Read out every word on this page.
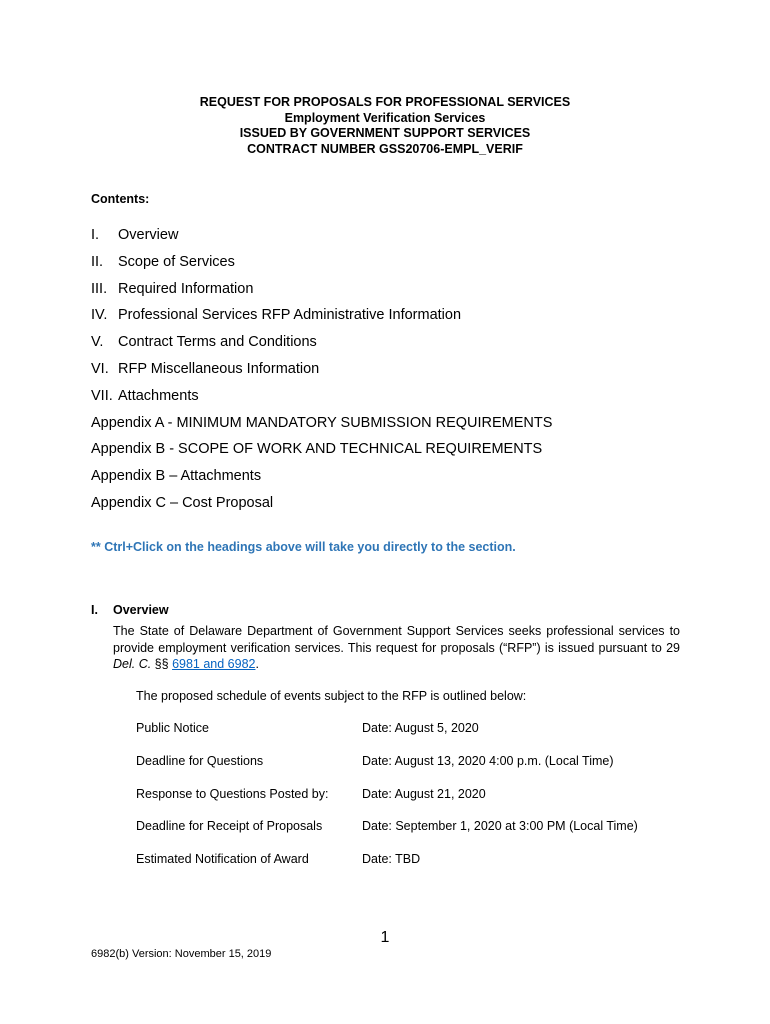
REQUEST FOR PROPOSALS FOR PROFESSIONAL SERVICES
Employment Verification Services
ISSUED BY GOVERNMENT SUPPORT SERVICES
CONTRACT NUMBER GSS20706-EMPL_VERIF
Contents:
I. Overview
II. Scope of Services
III. Required Information
IV. Professional Services RFP Administrative Information
V. Contract Terms and Conditions
VI. RFP Miscellaneous Information
VII. Attachments
Appendix A - MINIMUM MANDATORY SUBMISSION REQUIREMENTS
Appendix B - SCOPE OF WORK AND TECHNICAL REQUIREMENTS
Appendix B – Attachments
Appendix C – Cost Proposal
** Ctrl+Click on the headings above will take you directly to the section.
I. Overview
The State of Delaware Department of Government Support Services seeks professional services to provide employment verification services. This request for proposals (“RFP”) is issued pursuant to 29 Del. C. §§ 6981 and 6982.
The proposed schedule of events subject to the RFP is outlined below:
Public Notice	Date: August 5, 2020
Deadline for Questions	Date: August 13, 2020 4:00 p.m. (Local Time)
Response to Questions Posted by:	Date: August 21, 2020
Deadline for Receipt of Proposals	Date: September 1, 2020 at 3:00 PM (Local Time)
Estimated Notification of Award	Date: TBD
1
6982(b) Version: November 15, 2019
